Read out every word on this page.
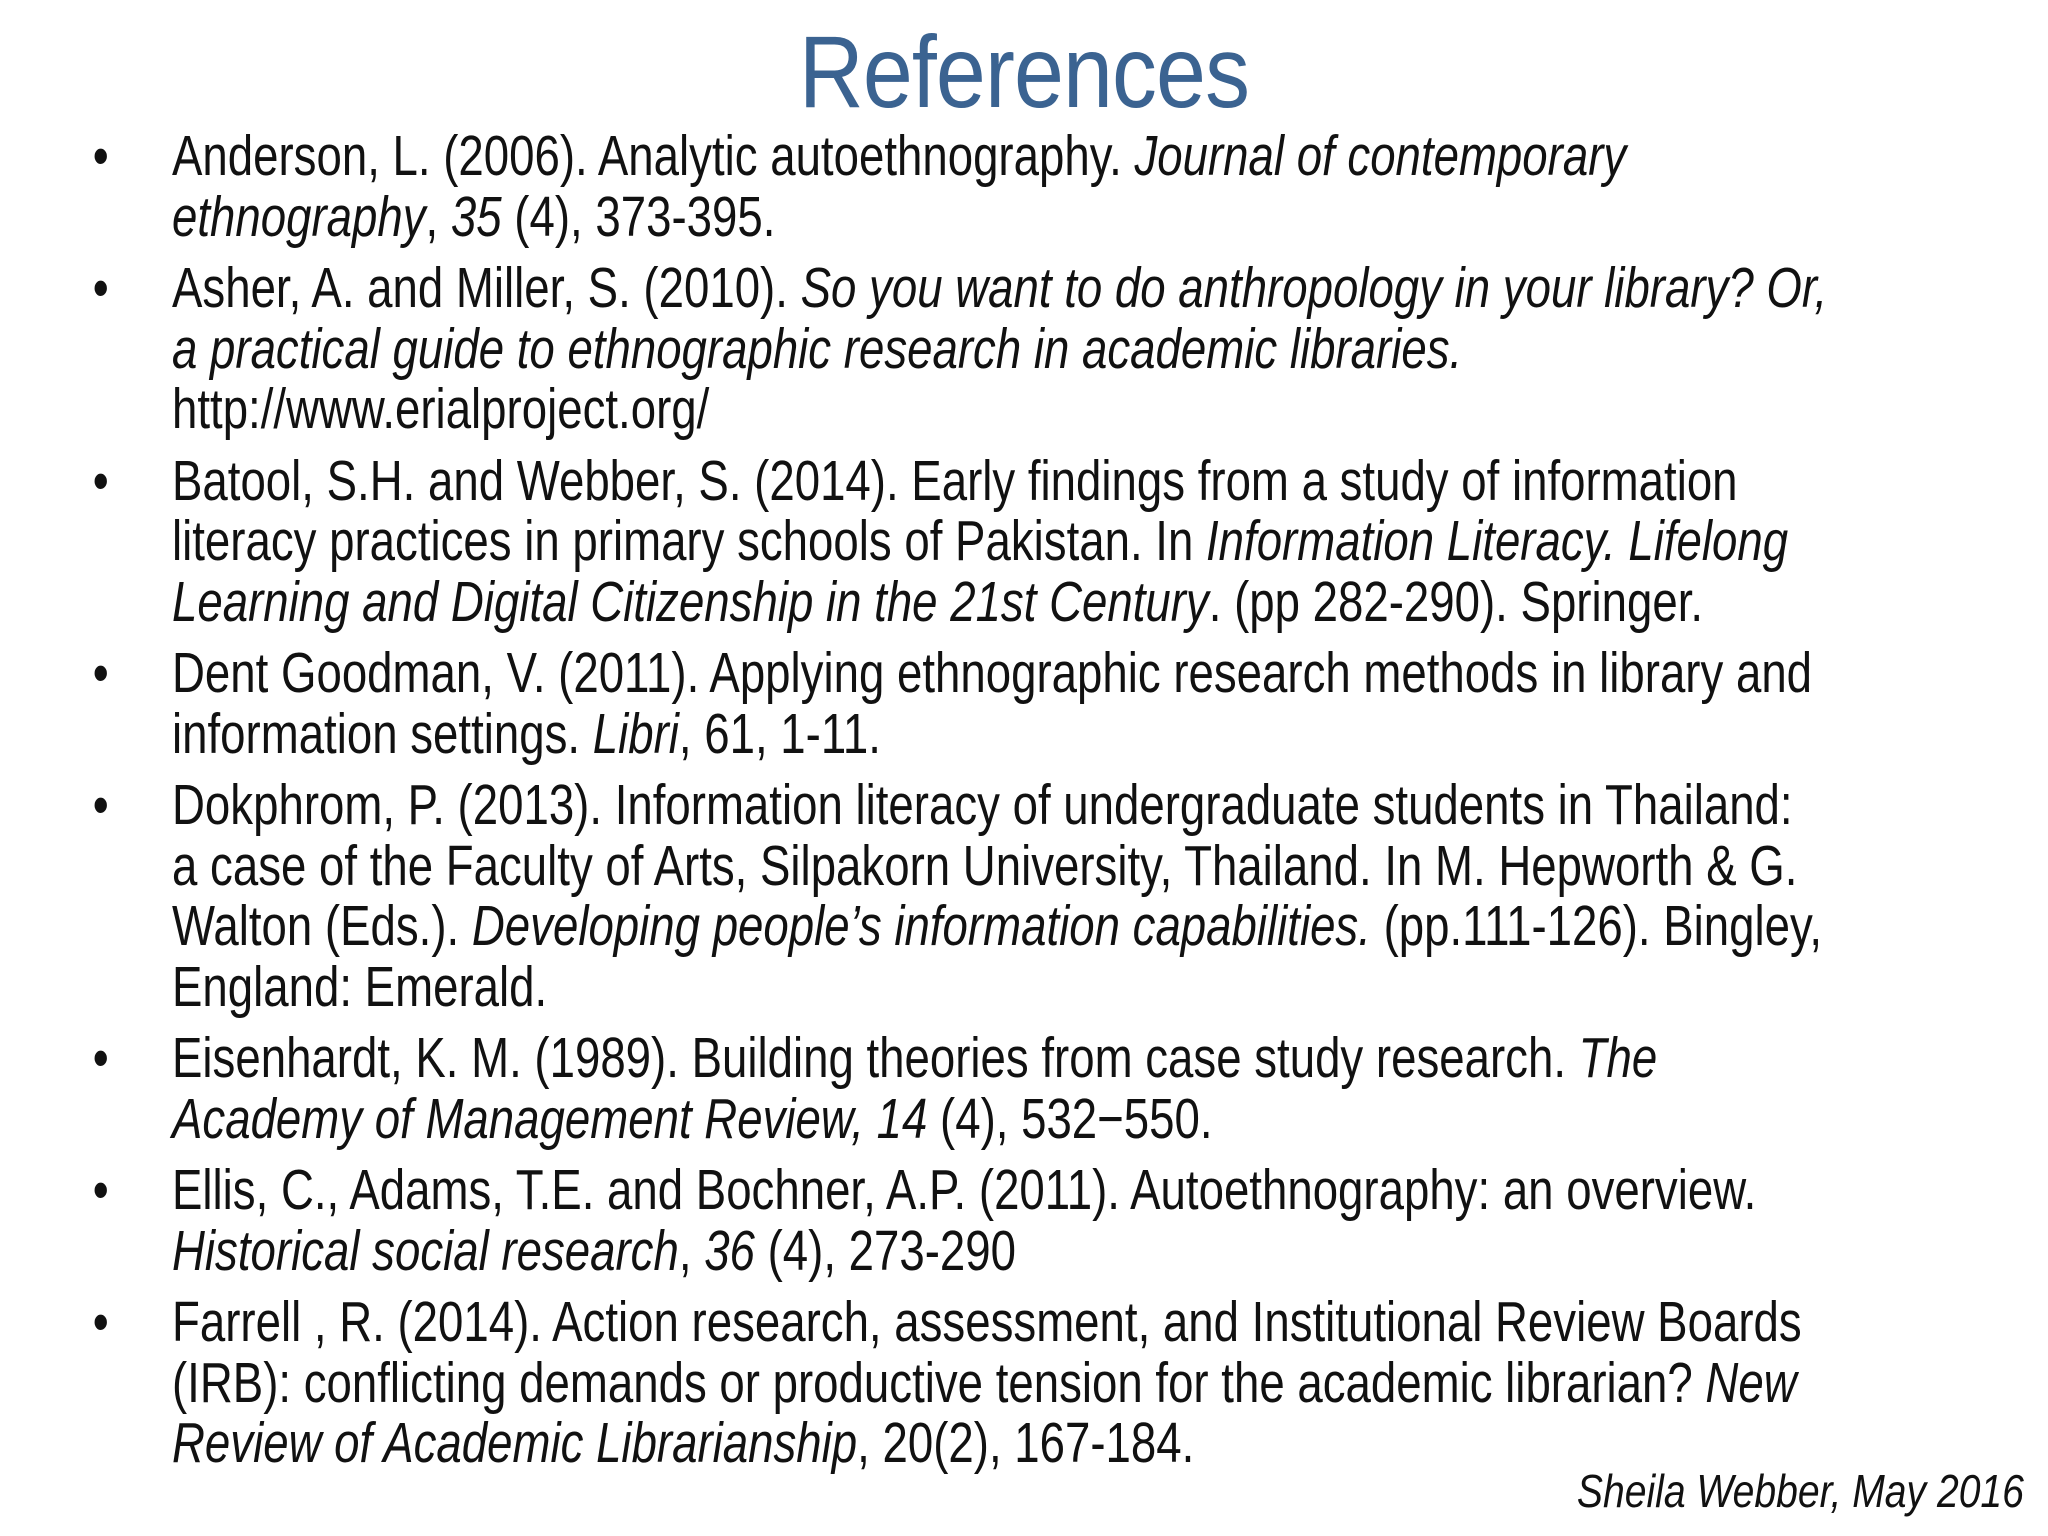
References
• Anderson, L. (2006). Analytic autoethnography. Journal of contemporary
ethnography, 35 (4), 373-395.
• Asher, A. and Miller, S. (2010). So you want to do anthropology in your library? Or,
a practical guide to ethnographic research in academic libraries.
http://www.erialproject.org/
• Batool, S.H. and Webber, S. (2014). Early findings from a study of information
literacy practices in primary schools of Pakistan. In Information Literacy. Lifelong
Learning and Digital Citizenship in the 21st Century. (pp 282-290). Springer.
• Dent Goodman, V. (2011). Applying ethnographic research methods in library and
information settings. Libri, 61, 1-11.
• Dokphrom, P. (2013). Information literacy of undergraduate students in Thailand:
a case of the Faculty of Arts, Silpakorn University, Thailand. In M. Hepworth & G.
Walton (Eds.). Developing people’s information capabilities. (pp.111-126). Bingley,
England: Emerald.
• Eisenhardt, K. M. (1989). Building theories from case study research. The
Academy of Management Review, 14 (4), 532−550.
• Ellis, C., Adams, T.E. and Bochner, A.P. (2011). Autoethnography: an overview.
Historical social research, 36 (4), 273-290
• Farrell , R. (2014). Action research, assessment, and Institutional Review Boards
(IRB): conflicting demands or productive tension for the academic librarian? New
Review of Academic Librarianship, 20(2), 167-184.
Sheila Webber, May 2016
